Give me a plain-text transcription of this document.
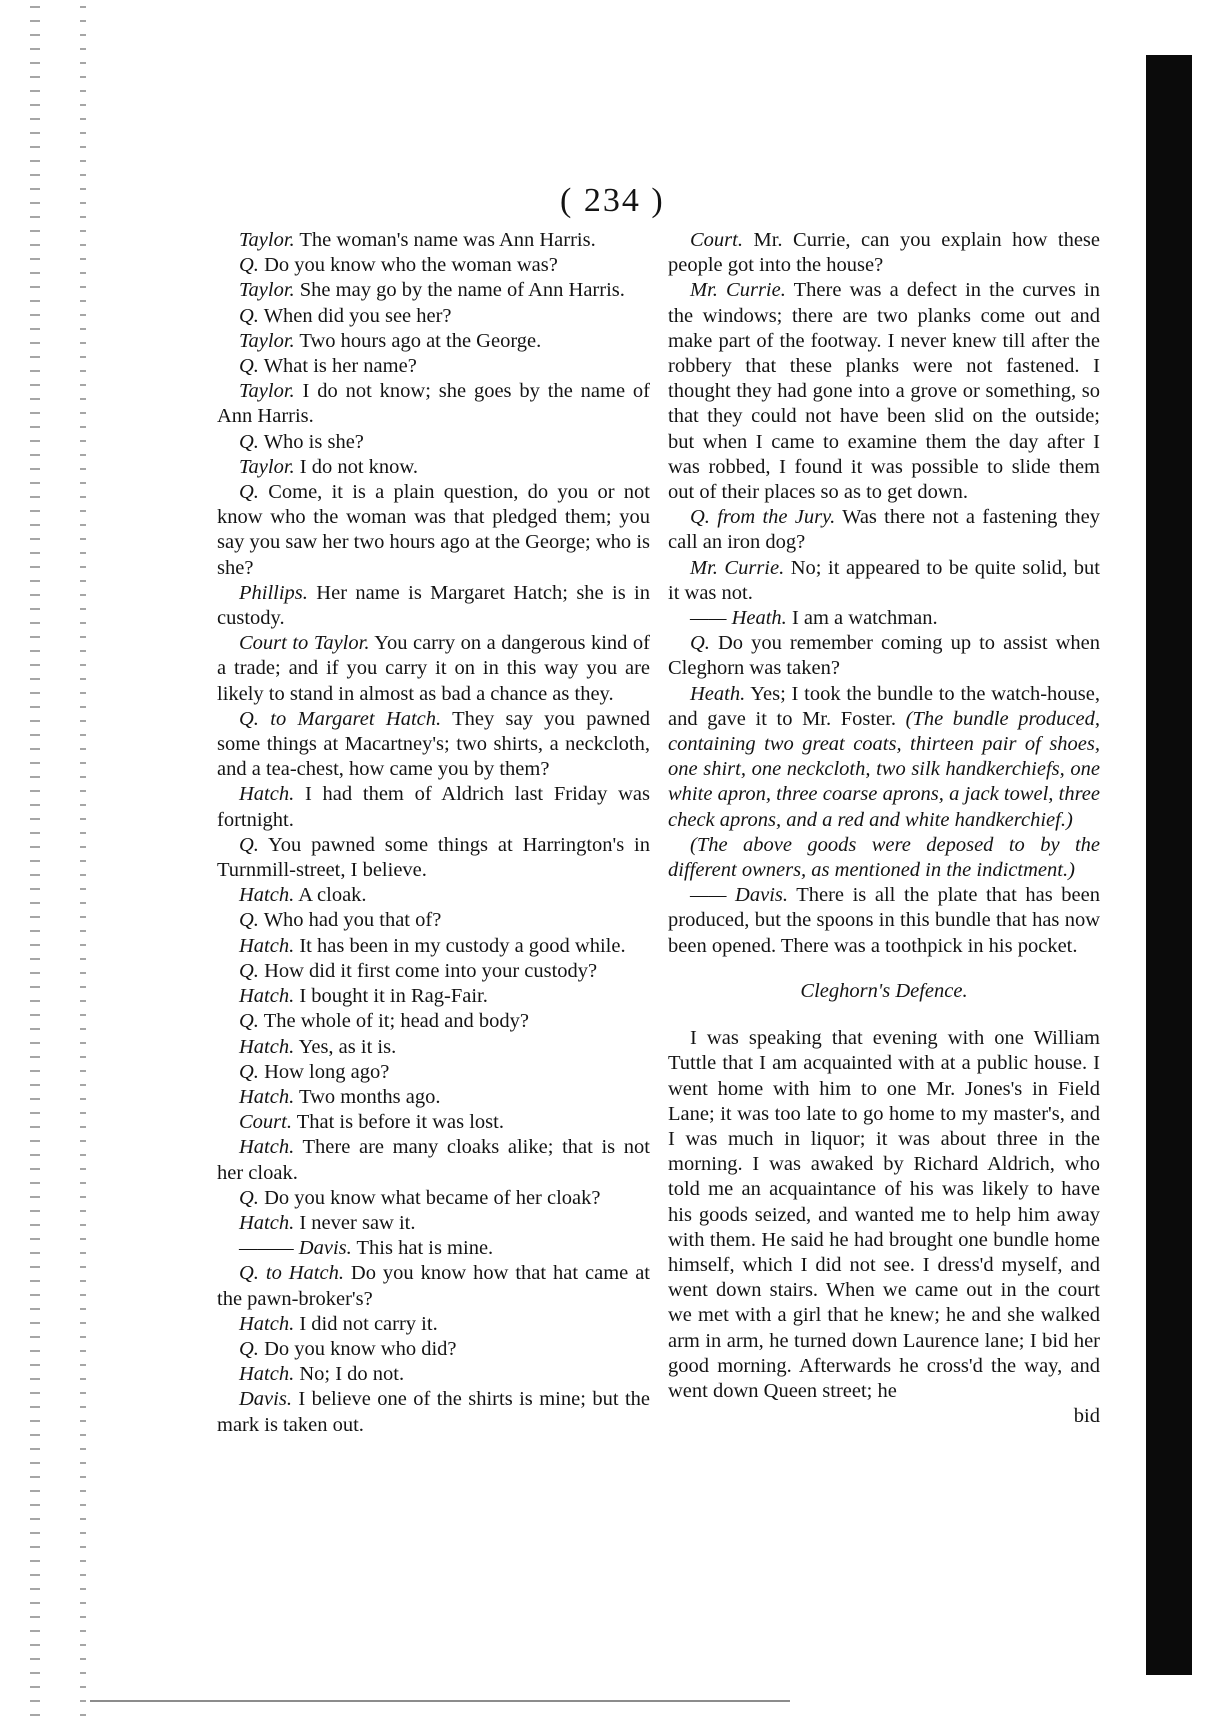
( 234 )

Taylor. The woman's name was Ann Harris.

Q. Do you know who the woman was?

Taylor. She may go by the name of Ann Harris.

Q. When did you see her?

Taylor. Two hours ago at the George.

Q. What is her name?

Taylor. I do not know; she goes by the name of Ann Harris.

Q. Who is she?

Taylor. I do not know.

Q. Come, it is a plain question, do you or not know who the woman was that pledged them; you say you saw her two hours ago at the George; who is she?

Phillips. Her name is Margaret Hatch; she is in custody.

Court to Taylor. You carry on a dangerous kind of a trade; and if you carry it on in this way you are likely to stand in almost as bad a chance as they.

Q. to Margaret Hatch. They say you pawned some things at Macartney's; two shirts, a neckcloth, and a tea-chest, how came you by them?

Hatch. I had them of Aldrich last Friday was fortnight.

Q. You pawned some things at Harrington's in Turnmill-street, I believe.

Hatch. A cloak.

Q. Who had you that of?

Hatch. It has been in my custody a good while.

Q. How did it first come into your custody?

Hatch. I bought it in Rag-Fair.

Q. The whole of it; head and body?

Hatch. Yes, as it is.

Q. How long ago?

Hatch. Two months ago.

Court. That is before it was lost.

Hatch. There are many cloaks alike; that is not her cloak.

Q. Do you know what became of her cloak?

Hatch. I never saw it.

——— Davis. This hat is mine.

Q. to Hatch. Do you know how that hat came at the pawn-broker's?

Hatch. I did not carry it.

Q. Do you know who did?

Hatch. No; I do not.

Davis. I believe one of the shirts is mine; but the mark is taken out.

Court. Mr. Currie, can you explain how these people got into the house?

Mr. Currie. There was a defect in the curves in the windows; there are two planks come out and make part of the footway. I never knew till after the robbery that these planks were not fastened. I thought they had gone into a grove or something, so that they could not have been slid on the outside; but when I came to examine them the day after I was robbed, I found it was possible to slide them out of their places so as to get down.

Q. from the Jury. Was there not a fastening they call an iron dog?

Mr. Currie. No; it appeared to be quite solid, but it was not.

—— Heath. I am a watchman.

Q. Do you remember coming up to assist when Cleghorn was taken?

Heath. Yes; I took the bundle to the watch-house, and gave it to Mr. Foster. (The bundle produced, containing two great coats, thirteen pair of shoes, one shirt, one neckcloth, two silk handkerchiefs, one white apron, three coarse aprons, a jack towel, three check aprons, and a red and white handkerchief.)

(The above goods were deposed to by the different owners, as mentioned in the indictment.)

—— Davis. There is all the plate that has been produced, but the spoons in this bundle that has now been opened. There was a toothpick in his pocket.

Cleghorn's Defence.

I was speaking that evening with one William Tuttle that I am acquainted with at a public house. I went home with him to one Mr. Jones's in Field Lane; it was too late to go home to my master's, and I was much in liquor; it was about three in the morning. I was awaked by Richard Aldrich, who told me an acquaintance of his was likely to have his goods seized, and wanted me to help him away with them. He said he had brought one bundle home himself, which I did not see. I dress'd myself, and went down stairs. When we came out in the court we met with a girl that he knew; he and she walked arm in arm, he turned down Laurence lane; I bid her good morning. Afterwards he cross'd the way, and went down Queen street; he

bid
